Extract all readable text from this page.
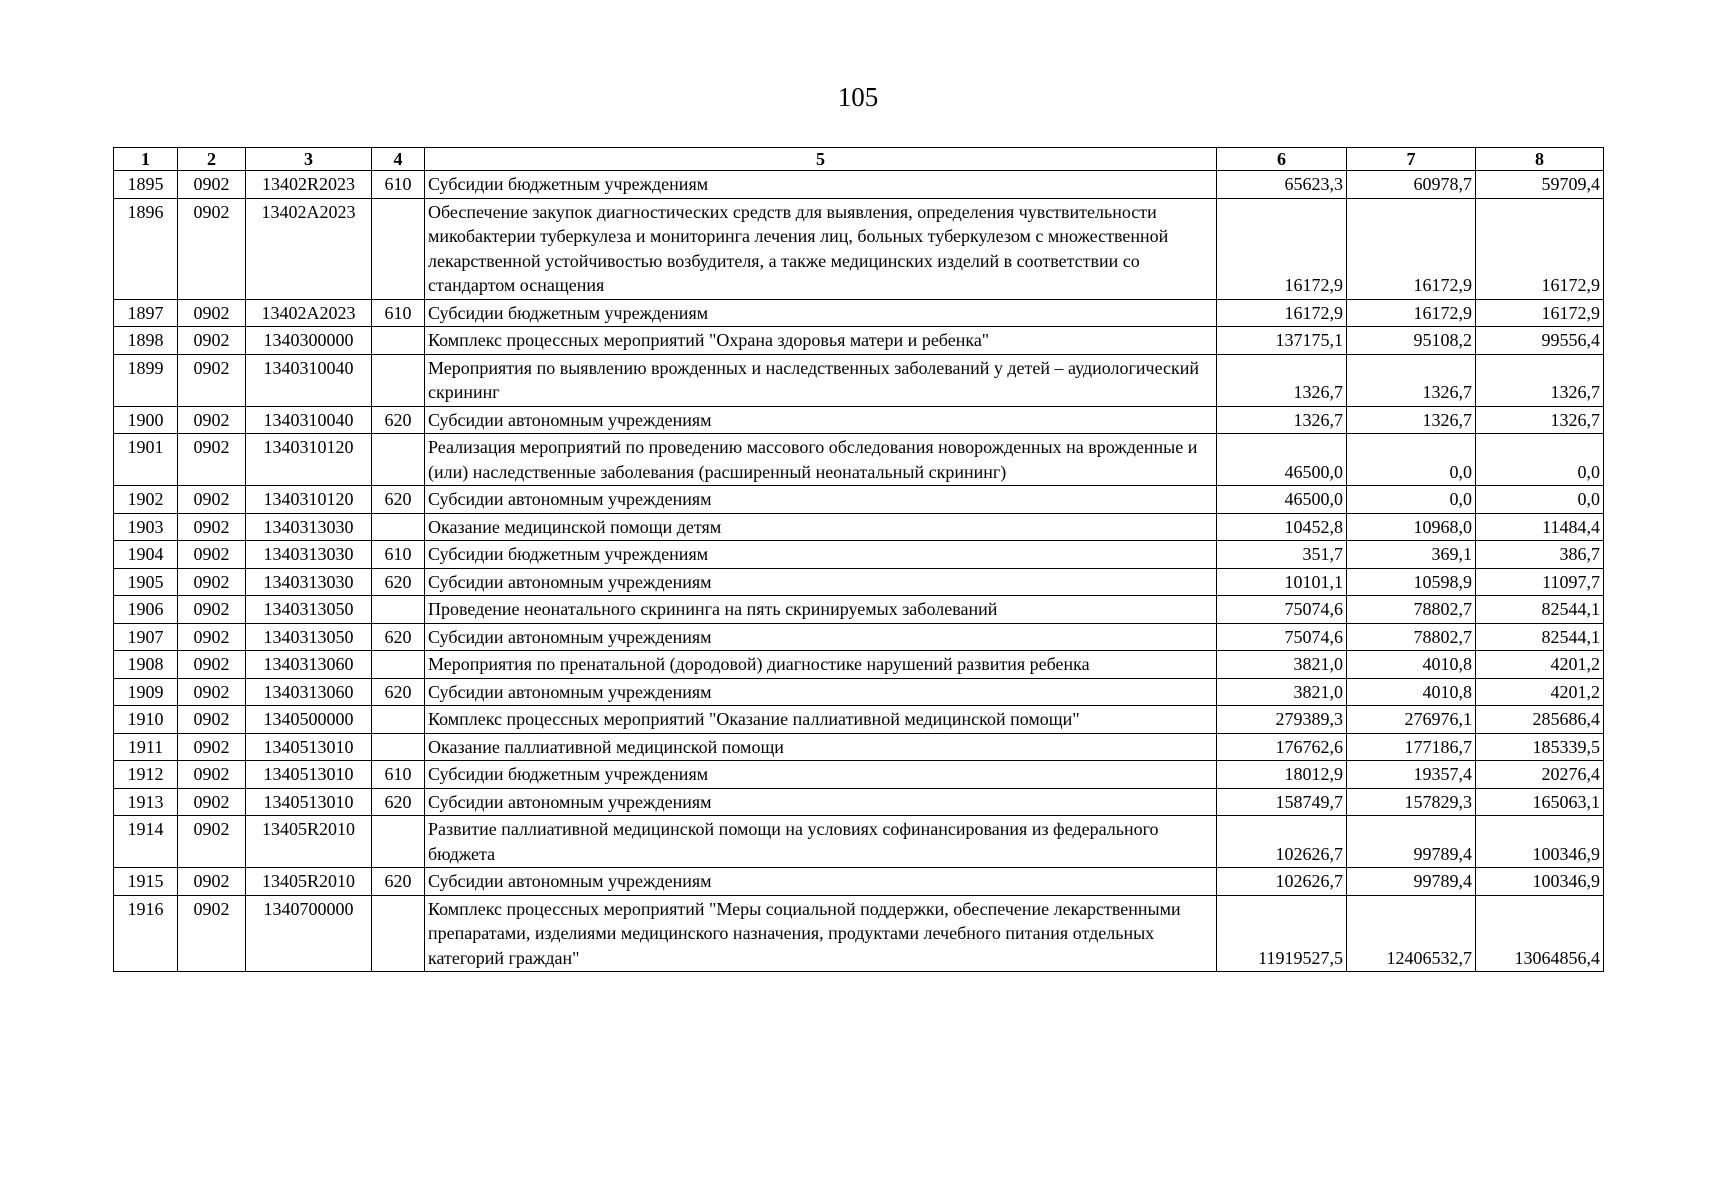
105
1	2	3	4	5	6	7	8
1895	0902	13402R2023	610	Субсидии бюджетным учреждениям	65623,3	60978,7	59709,4
1896	0902	13402A2023		Обеспечение закупок диагностических средств для выявления, определения чувствительности микобактерии туберкулеза и мониторинга лечения лиц, больных туберкулезом с множественной лекарственной устойчивостью возбудителя, а также медицинских изделий в соответствии со стандартом оснащения	16172,9	16172,9	16172,9
1897	0902	13402A2023	610	Субсидии бюджетным учреждениям	16172,9	16172,9	16172,9
1898	0902	1340300000		Комплекс процессных мероприятий "Охрана здоровья матери и ребенка"	137175,1	95108,2	99556,4
1899	0902	1340310040		Мероприятия по выявлению врожденных и наследственных заболеваний у детей – аудиологический скрининг	1326,7	1326,7	1326,7
1900	0902	1340310040	620	Субсидии автономным учреждениям	1326,7	1326,7	1326,7
1901	0902	1340310120		Реализация мероприятий по проведению массового обследования новорожденных на врожденные и (или) наследственные заболевания (расширенный неонатальный скрининг)	46500,0	0,0	0,0
1902	0902	1340310120	620	Субсидии автономным учреждениям	46500,0	0,0	0,0
1903	0902	1340313030		Оказание медицинской помощи детям	10452,8	10968,0	11484,4
1904	0902	1340313030	610	Субсидии бюджетным учреждениям	351,7	369,1	386,7
1905	0902	1340313030	620	Субсидии автономным учреждениям	10101,1	10598,9	11097,7
1906	0902	1340313050		Проведение неонатального скрининга на пять скринируемых заболеваний	75074,6	78802,7	82544,1
1907	0902	1340313050	620	Субсидии автономным учреждениям	75074,6	78802,7	82544,1
1908	0902	1340313060		Мероприятия по пренатальной (дородовой) диагностике нарушений развития ребенка	3821,0	4010,8	4201,2
1909	0902	1340313060	620	Субсидии автономным учреждениям	3821,0	4010,8	4201,2
1910	0902	1340500000		Комплекс процессных мероприятий "Оказание паллиативной медицинской помощи"	279389,3	276976,1	285686,4
1911	0902	1340513010		Оказание паллиативной медицинской помощи	176762,6	177186,7	185339,5
1912	0902	1340513010	610	Субсидии бюджетным учреждениям	18012,9	19357,4	20276,4
1913	0902	1340513010	620	Субсидии автономным учреждениям	158749,7	157829,3	165063,1
1914	0902	13405R2010		Развитие паллиативной медицинской помощи на условиях софинансирования из федерального бюджета	102626,7	99789,4	100346,9
1915	0902	13405R2010	620	Субсидии автономным учреждениям	102626,7	99789,4	100346,9
1916	0902	1340700000		Комплекс процессных мероприятий "Меры социальной поддержки, обеспечение лекарственными препаратами, изделиями медицинского назначения, продуктами лечебного питания отдельных категорий граждан"	11919527,5	12406532,7	13064856,4
